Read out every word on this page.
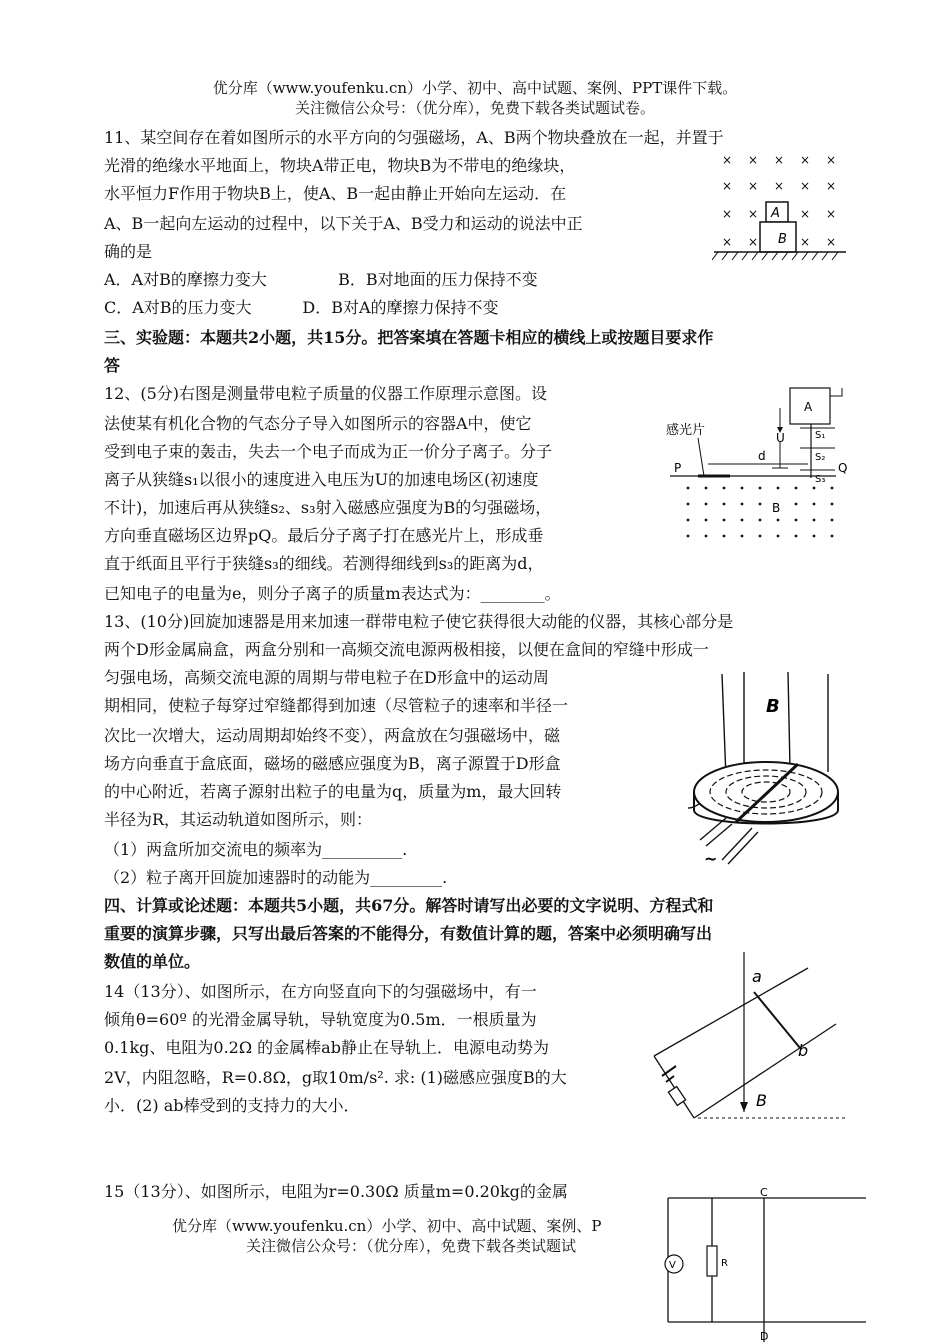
优分库（www.youfenku.cn）小学、初中、高中试题、案例、PPT课件下载。
关注微信公众号：（优分库），免费下载各类试题试卷。
11、某空间存在着如图所示的水平方向的匀强磁场，A、B两个物块叠放在一起，并置于
光滑的绝缘水平地面上，物块A带正电，物块B为不带电的绝缘块，
水平恒力F作用于物块B上，使A、B一起由静止开始向左运动．在
A、B一起向左运动的过程中，以下关于A、B受力和运动的说法中正
确的是
A．A对B的摩擦力变大              B．B对地面的压力保持不变
C．A对B的压力变大          D．B对A的摩擦力保持不变
× × × × ×
× × × × ×
× ×	× ×
× ×	× ×
A
B
三、实验题：本题共2小题，共15分。把答案填在答题卡相应的横线上或按题目要求作
答
12、(5分)右图是测量带电粒子质量的仪器工作原理示意图。设
法使某有机化合物的气态分子导入如图所示的容器A中，使它
受到电子束的轰击，失去一个电子而成为正一价分子离子。分子
离子从狭缝s₁以很小的速度进入电压为U的加速电场区(初速度
不计)，加速后再从狭缝s₂、s₃射入磁感应强度为B的匀强磁场，
方向垂直磁场区边界pQ。最后分子离子打在感光片上，形成垂
直于纸面且平行于狭缝s₃的细线。若测得细线到s₃的距离为d，
已知电子的电量为e，则分子离子的质量m表达式为：________。
A
U	S₁
S₂
S₃
感光片
P	Q
d
B
13、(10分)回旋加速器是用来加速一群带电粒子使它获得很大动能的仪器，其核心部分是
两个D形金属扁盒，两盒分别和一高频交流电源两极相接，以便在盒间的窄缝中形成一
匀强电场，高频交流电源的周期与带电粒子在D形盒中的运动周
期相同，使粒子每穿过窄缝都得到加速（尽管粒子的速率和半径一
次比一次增大，运动周期却始终不变），两盒放在匀强磁场中，磁
场方向垂直于盒底面，磁场的磁感应强度为B，离子源置于D形盒
的中心附近，若离子源射出粒子的电量为q，质量为m，最大回转
半径为R，其运动轨道如图所示，则：
（1）两盒所加交流电的频率为__________.
（2）粒子离开回旋加速器时的动能为_________.
B
~
四、计算或论述题：本题共5小题，共67分。解答时请写出必要的文字说明、方程式和
重要的演算步骤，只写出最后答案的不能得分，有数值计算的题，答案中必须明确写出
数值的单位。
14（13分）、如图所示，在方向竖直向下的匀强磁场中，有一
倾角θ=60º 的光滑金属导轨，导轨宽度为0.5m．一根质量为
0.1kg、电阻为0.2Ω 的金属棒ab静止在导轨上．电源电动势为
2V，内阻忽略，R=0.8Ω，g取10m/s². 求: (1)磁感应强度B的大
小．(2) ab棒受到的支持力的大小．
a
b
B
15（13分）、如图所示，电阻为r=0.30Ω 质量m=0.20kg的金属	C
V	R
D
优分库（www.youfenku.cn）小学、初中、高中试题、案例、P
关注微信公众号：（优分库），免费下载各类试题试
